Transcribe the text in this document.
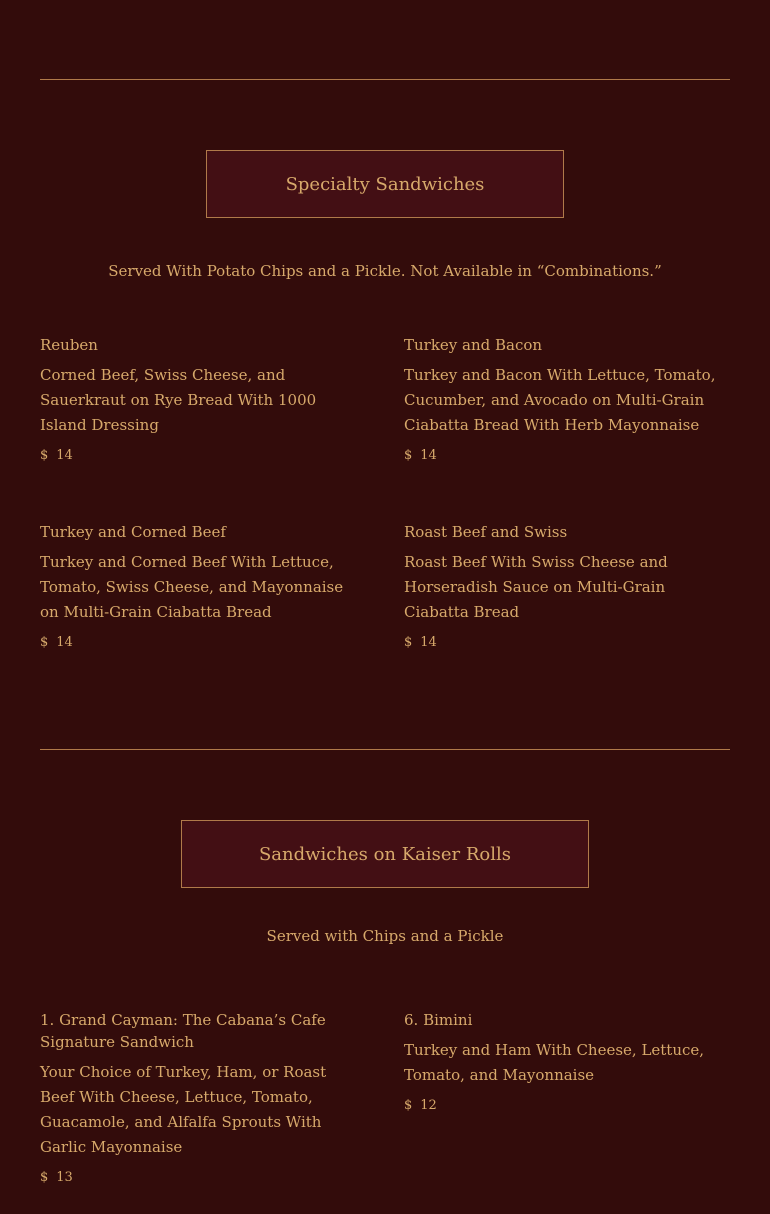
Specialty Sandwiches
Served With Potato Chips and a Pickle. Not Available in “Combinations.”
Reuben
Corned Beef, Swiss Cheese, and Sauerkraut on Rye Bread With 1000 Island Dressing
$ 14
Turkey and Bacon
Turkey and Bacon With Lettuce, Tomato, Cucumber, and Avocado on Multi-Grain Ciabatta Bread With Herb Mayonnaise
$ 14
Turkey and Corned Beef
Turkey and Corned Beef With Lettuce, Tomato, Swiss Cheese, and Mayonnaise on Multi-Grain Ciabatta Bread
$ 14
Roast Beef and Swiss
Roast Beef With Swiss Cheese and Horseradish Sauce on Multi-Grain Ciabatta Bread
$ 14
Sandwiches on Kaiser Rolls
Served with Chips and a Pickle
1. Grand Cayman: The Cabana’s Cafe Signature Sandwich
Your Choice of Turkey, Ham, or Roast Beef With Cheese, Lettuce, Tomato, Guacamole, and Alfalfa Sprouts With Garlic Mayonnaise
$ 13
6. Bimini
Turkey and Ham With Cheese, Lettuce, Tomato, and Mayonnaise
$ 12
